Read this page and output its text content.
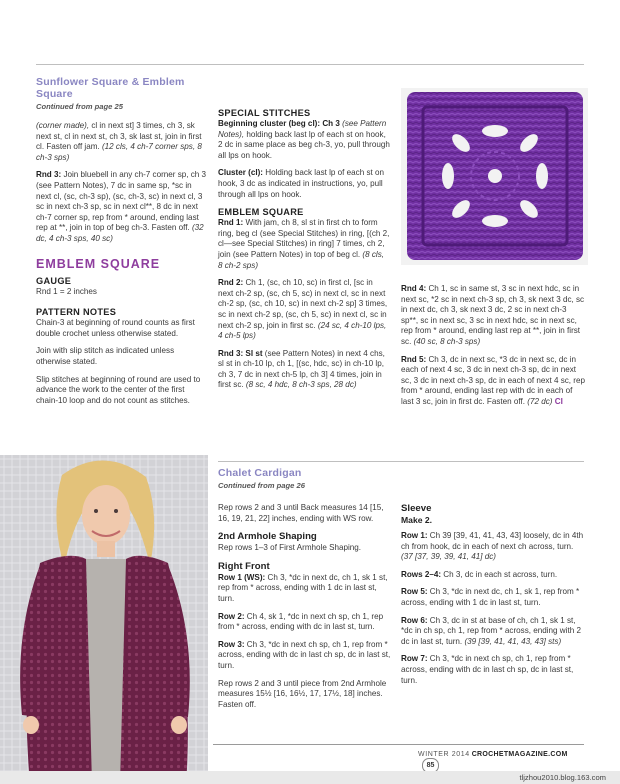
Sunflower Square & Emblem Square
Continued from page 25

(corner made), cl in next st] 3 times, ch 3, sk next st, cl in next st, ch 3, sk last st, join in first cl. Fasten off jam. (12 cls, 4 ch-7 corner sps, 8 ch-3 sps)

Rnd 3: Join bluebell in any ch-7 corner sp, ch 3 (see Pattern Notes), 7 dc in same sp, *sc in next cl, (sc, ch-3 sp), (sc, ch-3, sc) in next cl, 3 sc in next ch-3 sp, sc in next cl**, 8 dc in next ch-7 corner sp, rep from * around, ending last rep at **, join in top of beg ch-3. Fasten off. (32 dc, 4 ch-3 sps, 40 sc)

EMBLEM SQUARE
GAUGE

Rnd 1 = 2 inches

PATTERN NOTES

Chain-3 at beginning of round counts as first double crochet unless otherwise stated.

Join with slip stitch as indicated unless otherwise stated.

Slip stitches at beginning of round are used to advance the work to the center of the first chain-10 loop and do not count as stitches.

SPECIAL STITCHES

Beginning cluster (beg cl): Ch 3 (see Pattern Notes), holding back last lp of each st on hook, 2 dc in same place as beg ch-3, yo, pull through all lps on hook.

Cluster (cl): Holding back last lp of each st on hook, 3 dc as indicated in instructions, yo, pull through all lps on hook.

EMBLEM SQUARE

Rnd 1: With jam, ch 8, sl st in first ch to form ring, beg cl (see Special Stitches) in ring, [(ch 2, cl—see Special Stitches) in ring] 7 times, ch 2, join (see Pattern Notes) in top of beg cl. (8 cls, 8 ch-2 sps)

Rnd 2: Ch 1, (sc, ch 10, sc) in first cl, [sc in next ch-2 sp, (sc, ch 5, sc) in next cl, sc in next ch-2 sp, (sc, ch 10, sc) in next ch-2 sp] 3 times, sc in next ch-2 sp, (sc, ch 5, sc) in next cl, sc in next ch-2 sp, join in first sc. (24 sc, 4 ch-10 lps, 4 ch-5 lps)

Rnd 3: Sl st (see Pattern Notes) in next 4 chs, sl st in ch-10 lp, ch 1, [(sc, hdc, sc) in ch-10 lp, ch 3, 7 dc in next ch-5 lp, ch 3] 4 times, join in first sc. (8 sc, 4 hdc, 8 ch-3 sps, 28 dc)

Rnd 4: Ch 1, sc in same st, 3 sc in next hdc, sc in next sc, *2 sc in next ch-3 sp, ch 3, sk next 3 dc, sc in next dc, ch 3, sk next 3 dc, 2 sc in next ch-3 sp**, sc in next sc, 3 sc in next hdc, sc in next sc, rep from * around, ending last rep at **, join in first sc. (40 sc, 8 ch-3 sps)

Rnd 5: Ch 3, dc in next sc, *3 dc in next sc, dc in each of next 4 sc, 3 dc in next ch-3 sp, dc in next sc, 3 dc in next ch-3 sp, dc in each of next 4 sc, rep from * around, ending last rep with dc in each of last 3 sc, join in first dc. Fasten off. (72 dc) CI

Chalet Cardigan
Continued from page 26

Rep rows 2 and 3 until Back measures 14 [15, 16, 19, 21, 22] inches, ending with WS row.

2nd Armhole Shaping

Rep rows 1–3 of First Armhole Shaping.

Right Front

Row 1 (WS): Ch 3, *dc in next dc, ch 1, sk 1 st, rep from * across, ending with 1 dc in last st, turn.

Row 2: Ch 4, sk 1, *dc in next ch sp, ch 1, rep from * across, ending with dc in last st, turn.

Row 3: Ch 3, *dc in next ch sp, ch 1, rep from * across, ending with dc in last ch sp, dc in last st, turn.

Rep rows 2 and 3 until piece from 2nd Armhole measures 15½ [16, 16½, 17, 17½, 18] inches. Fasten off.

Sleeve
Make 2.

Row 1: Ch 39 [39, 41, 41, 43, 43] loosely, dc in 4th ch from hook, dc in each of next ch across, turn. (37 [37, 39, 39, 41, 41] dc)

Rows 2–4: Ch 3, dc in each st across, turn.

Row 5: Ch 3, *dc in next dc, ch 1, sk 1, rep from * across, ending with 1 dc in last st, turn.

Row 6: Ch 3, dc in st at base of ch, ch 1, sk 1 st, *dc in ch sp, ch 1, rep from * across, ending with 2 dc in last st, turn. (39 [39, 41, 41, 43, 43] sts)

Row 7: Ch 3, *dc in next ch sp, ch 1, rep from * across, ending with dc in last ch sp, dc in last st, turn.

WINTER 2014 CROCHETMAGAZINE.COM 85
tljzhou2010.blog.163.com
